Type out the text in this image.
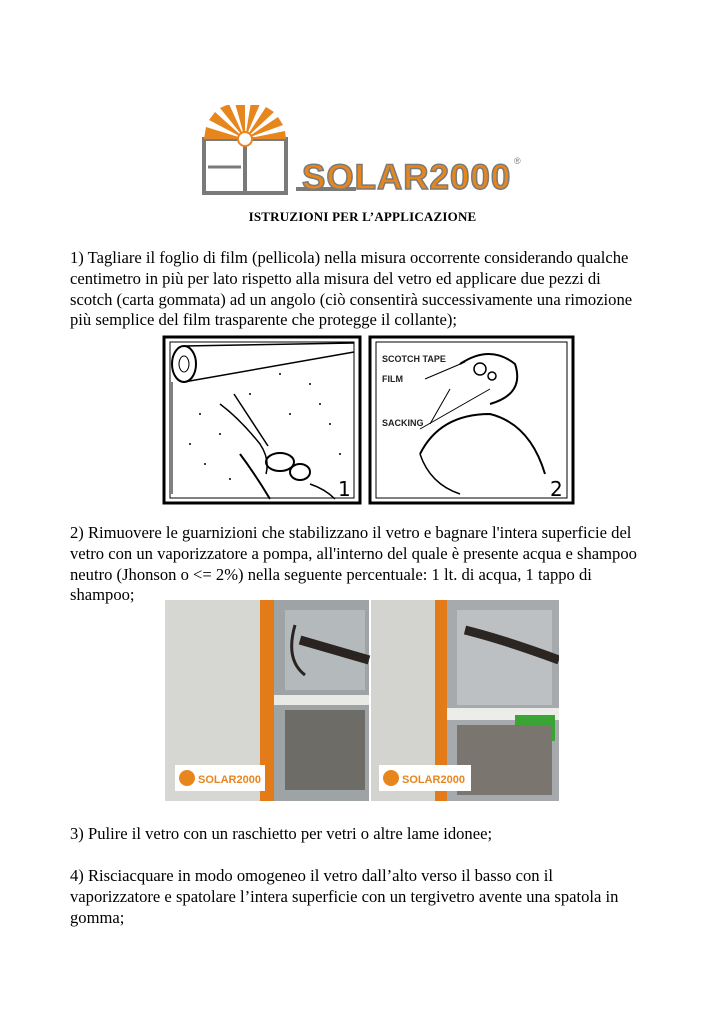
SOLAR2000 ®
ISTRUZIONI PER L’APPLICAZIONE
1) Tagliare il foglio di film (pellicola) nella misura occorrente considerando qualche
centimetro in più per lato rispetto alla misura del vetro ed applicare due pezzi di
scotch (carta gommata) ad un angolo (ciò consentirà successivamente una rimozione
più semplice del film trasparente che protegge il collante);
1
SCOTCH TAPE
FILM
SACKING
2
2) Rimuovere le guarnizioni che stabilizzano il vetro e bagnare l'intera superficie del
vetro con un vaporizzatore a pompa, all'interno del quale è presente acqua e shampoo
neutro (Jhonson o <= 2%) nella seguente percentuale: 1 lt. di acqua, 1 tappo di
shampoo;
SOLAR2000	SOLAR2000
3) Pulire il vetro con un raschietto per vetri o altre lame idonee;
4) Risciacquare in modo omogeneo il vetro dall’alto verso il basso con il
vaporizzatore e spatolare l’intera superficie con un tergivetro avente una spatola in
gomma;
